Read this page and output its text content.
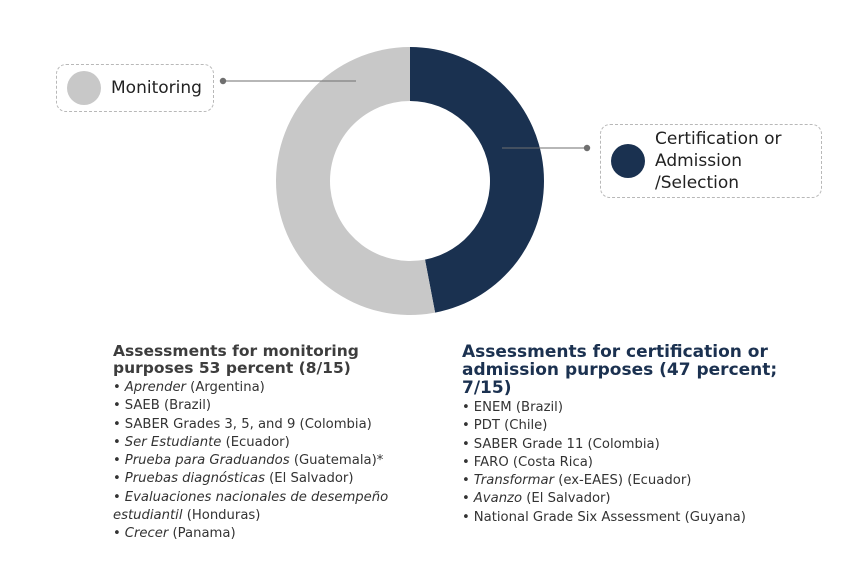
Monitoring
Certification or
Admission
/Selection
Assessments for monitoring purposes 53 percent (8/15)
• Aprender (Argentina)
• SAEB (Brazil)
• SABER Grades 3, 5, and 9 (Colombia)
• Ser Estudiante (Ecuador)
• Prueba para Graduandos (Guatemala)*
• Pruebas diagnósticas (El Salvador)
• Evaluaciones nacionales de desempeño estudiantil (Honduras)
• Crecer (Panama)
Assessments for certification or admission purposes (47 percent; 7/15)
• ENEM (Brazil)
• PDT (Chile)
• SABER Grade 11 (Colombia)
• FARO (Costa Rica)
• Transformar (ex-EAES) (Ecuador)
• Avanzo (El Salvador)
• National Grade Six Assessment (Guyana)
